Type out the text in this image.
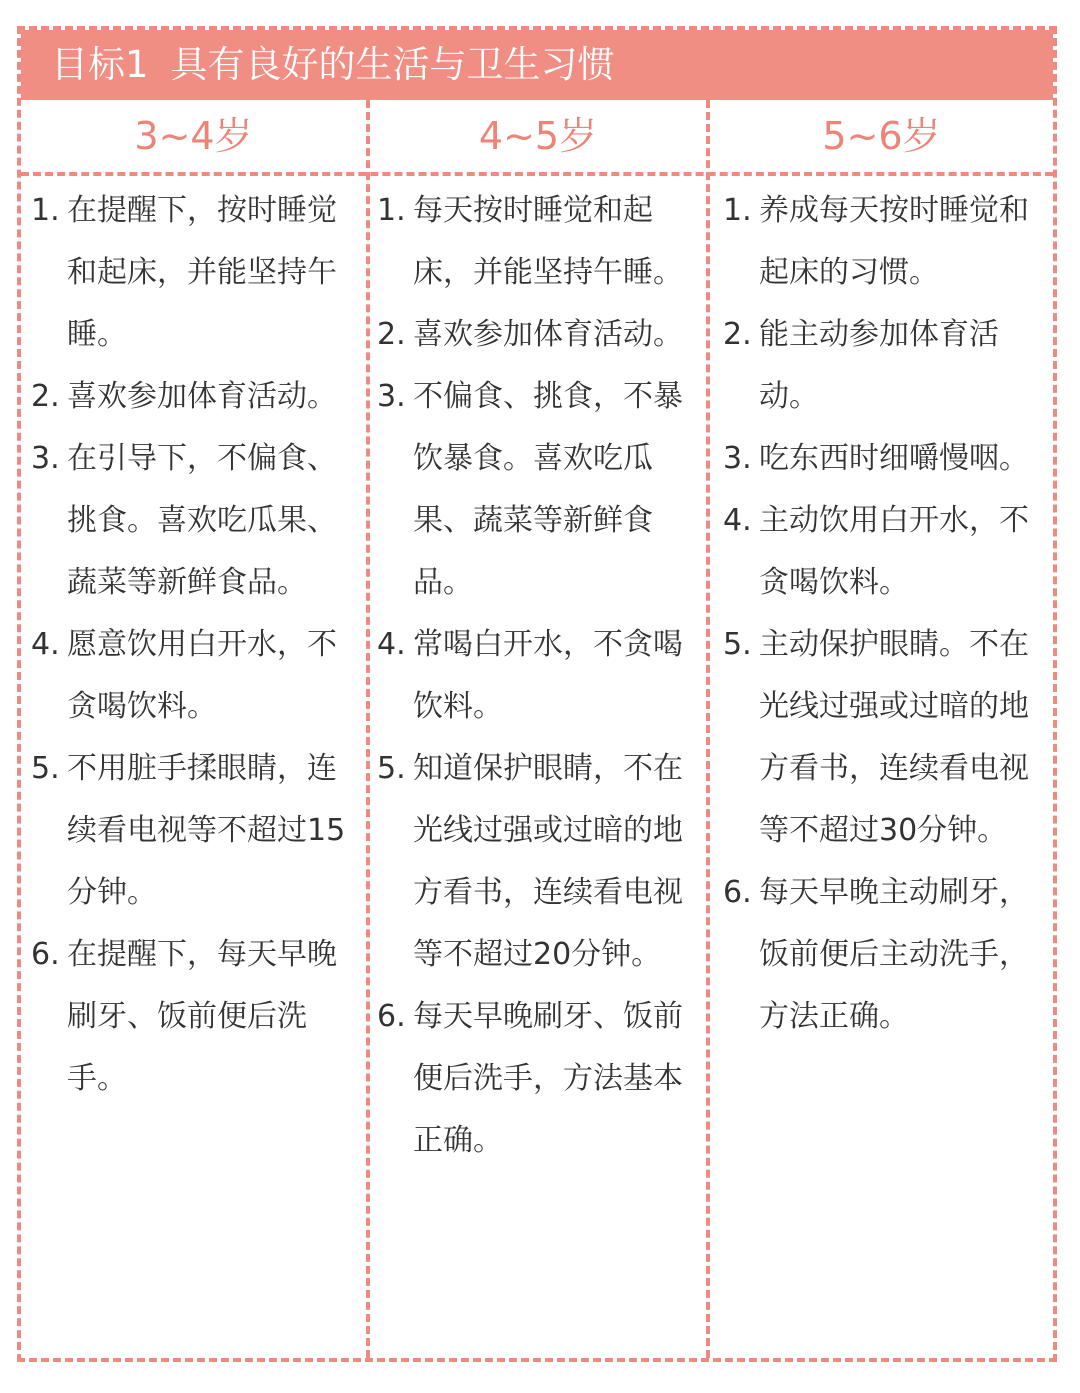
目标1 具有良好的生活与卫生习惯
3~4岁	4~5岁	5~6岁
1. 在提醒下，按时睡觉和起床，并能坚持午睡。
2. 喜欢参加体育活动。
3. 在引导下，不偏食、挑食。喜欢吃瓜果、蔬菜等新鲜食品。
4. 愿意饮用白开水，不贪喝饮料。
5. 不用脏手揉眼睛，连续看电视等不超过15分钟。
6. 在提醒下，每天早晚刷牙、饭前便后洗 手。
1. 每天按时睡觉和起床，并能坚持午睡。
2. 喜欢参加体育活动。
3. 不偏食、挑食，不暴饮暴食。喜欢吃瓜果、蔬菜等新鲜食品。
4. 常喝白开水，不贪喝饮料。
5. 知道保护眼睛，不在光线过强或过暗的地方看书，连续看电视等不超过20分钟。
6. 每天早晚刷牙、饭前便后洗手，方法基本正确。
1. 养成每天按时睡觉和起床的习惯。
2. 能主动参加体育活动。
3. 吃东西时细嚼慢咽。
4. 主动饮用白开水，不贪喝饮料。
5. 主动保护眼睛。不在光线过强或过暗的地方看书，连续看电视等不超过30分钟。
6. 每天早晚主动刷牙，饭前便后主动洗手，方法正确。
